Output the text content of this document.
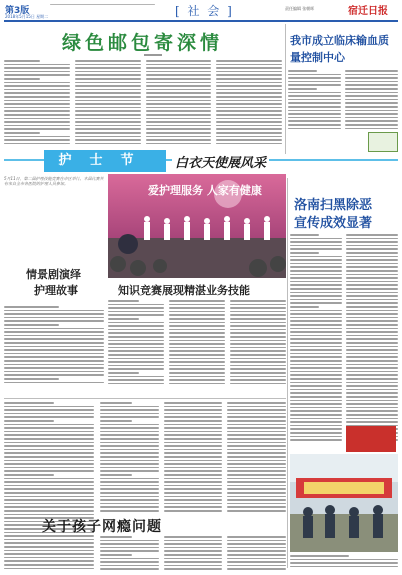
第3版
2018年5月15日 星期二	[ 社 会 ]	责任编辑 张朝晖	宿迁日报
绿色邮包寄深情	我市成立临床输血质量控制中心
护士节	白衣天使展风采
爱护理服务 人家有健康
5月11日，第二届护理技能竞赛在市区举行。本届比赛共有来自全市各医院的护理人员参加。
情景剧演绎
护理故事	知识竞赛展现精湛业务技能
洛南扫黑除恶
宣传成效显著
关于孩子网瘾问题
